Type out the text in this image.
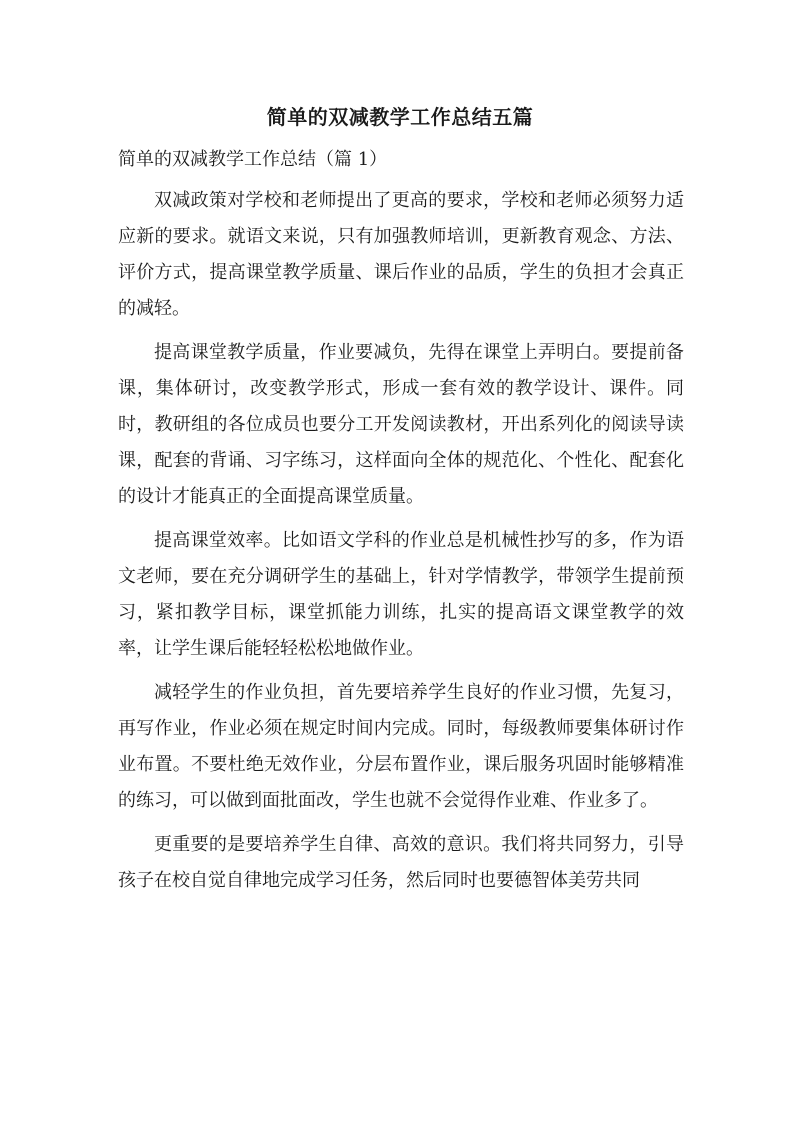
简单的双减教学工作总结五篇
简单的双减教学工作总结（篇 1）

双减政策对学校和老师提出了更高的要求，学校和老师必须努力适应新的要求。就语文来说，只有加强教师培训，更新教育观念、方法、评价方式，提高课堂教学质量、课后作业的品质，学生的负担才会真正的减轻。

提高课堂教学质量，作业要减负，先得在课堂上弄明白。要提前备课，集体研讨，改变教学形式，形成一套有效的教学设计、课件。同时，教研组的各位成员也要分工开发阅读教材，开出系列化的阅读导读课，配套的背诵、习字练习，这样面向全体的规范化、个性化、配套化的设计才能真正的全面提高课堂质量。

提高课堂效率。比如语文学科的作业总是机械性抄写的多，作为语文老师，要在充分调研学生的基础上，针对学情教学，带领学生提前预习，紧扣教学目标，课堂抓能力训练，扎实的提高语文课堂教学的效率，让学生课后能轻轻松松地做作业。

减轻学生的作业负担，首先要培养学生良好的作业习惯，先复习，再写作业，作业必须在规定时间内完成。同时，每级教师要集体研讨作业布置。不要杜绝无效作业，分层布置作业，课后服务巩固时能够精准的练习，可以做到面批面改，学生也就不会觉得作业难、作业多了。

更重要的是要培养学生自律、高效的意识。我们将共同努力，引导孩子在校自觉自律地完成学习任务，然后同时也要德智体美劳共同
